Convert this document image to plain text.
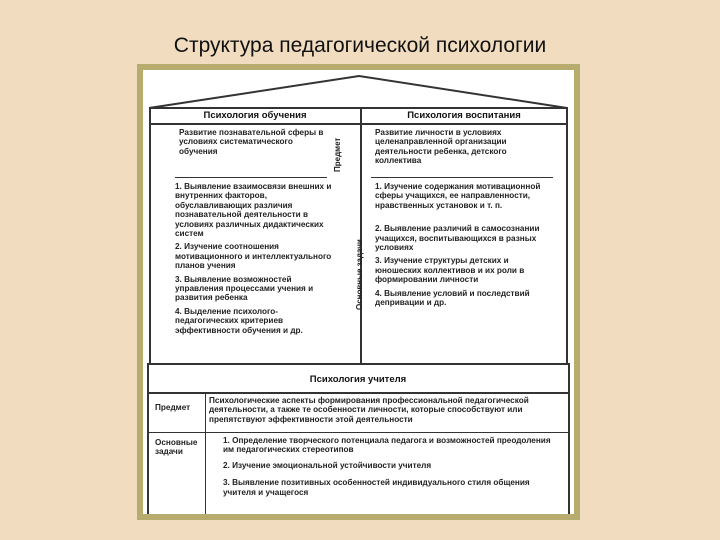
Структура педагогической психологии
Психология обучения	Психология воспитания
Развитие познавательной сферы в условиях систематического обучения
Развитие личности в условиях целенаправленной организации деятельности ребенка, детского коллектива
Предмет
Основные задачи
1. Выявление взаимосвязи внешних и внутренних факторов, обуславливающих различия познавательной деятельности в условиях различных дидактических систем
2. Изучение соотношения мотивационного и интеллектуального планов учения
3. Выявление возможностей управления процессами учения и развития ребенка
4. Выделение психолого-педагогических критериев эффективности обучения и др.
1. Изучение содержания мотивационной сферы учащихся, ее направленности, нравственных установок и т. п.
2. Выявление различий в самосознании учащихся, воспитывающихся в разных условиях
3. Изучение структуры детских и юношеских коллективов и их роли в формировании личности
4. Выявление условий и последствий депривации и др.
Психология учителя
Предмет
Психологические аспекты формирования профессиональной педагогической деятельности, а также те особенности личности, которые способствуют или препятствуют эффективности этой деятельности
Основные задачи
1. Определение творческого потенциала педагога и возможностей преодоления им педагогических стереотипов
2. Изучение эмоциональной устойчивости учителя
3. Выявление позитивных особенностей индивидуального стиля общения учителя и учащегося
